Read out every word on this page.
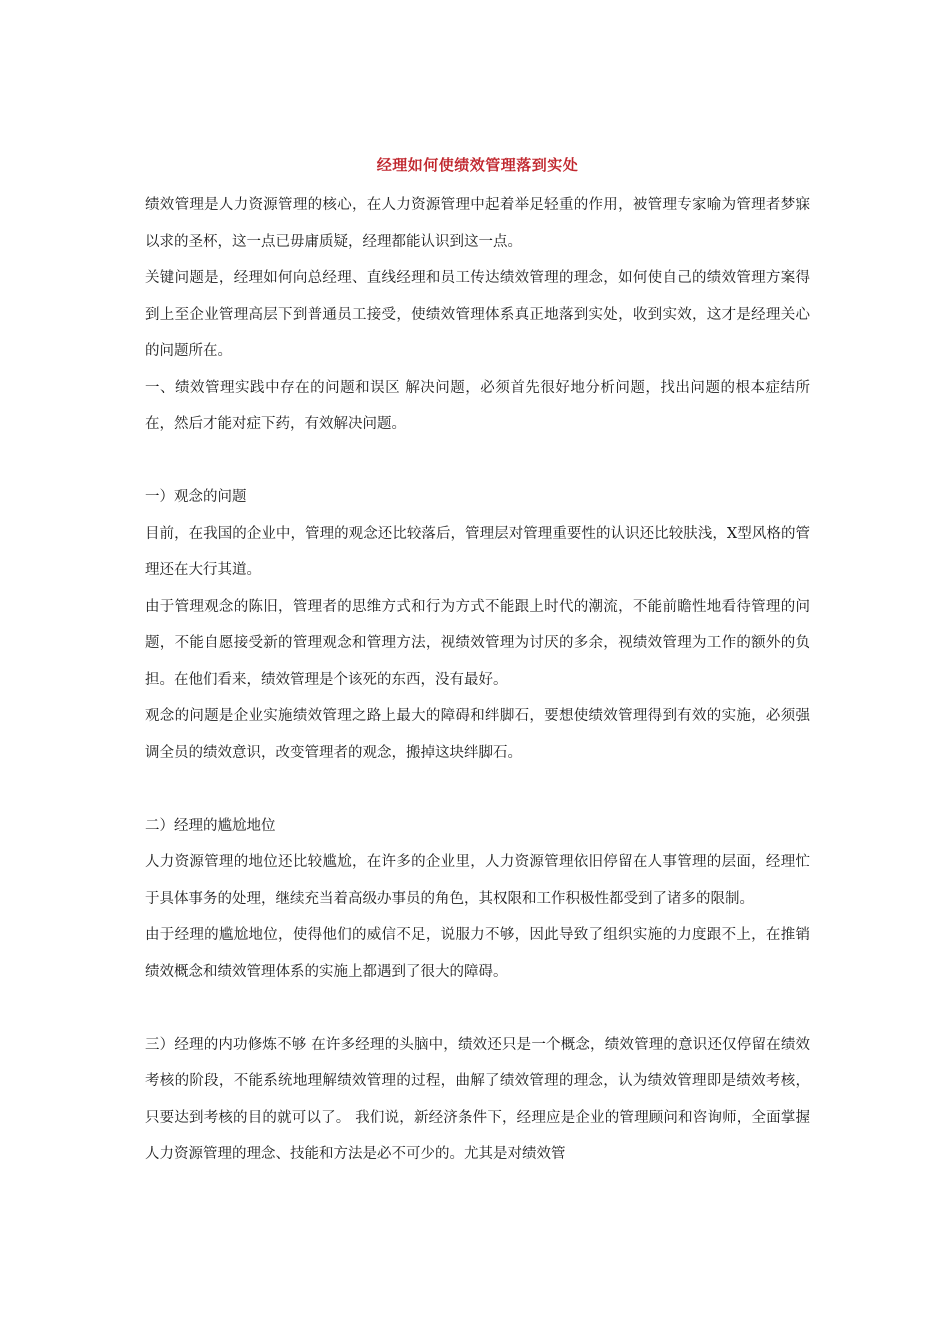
经理如何使绩效管理落到实处

绩效管理是人力资源管理的核心，在人力资源管理中起着举足轻重的作用，被管理专家喻为管理者梦寐以求的圣杯，这一点已毋庸质疑，经理都能认识到这一点。

关键问题是，经理如何向总经理、直线经理和员工传达绩效管理的理念，如何使自己的绩效管理方案得到上至企业管理高层下到普通员工接受，使绩效管理体系真正地落到实处，收到实效，这才是经理关心的问题所在。

一、绩效管理实践中存在的问题和误区 解决问题，必须首先很好地分析问题，找出问题的根本症结所在，然后才能对症下药，有效解决问题。

一）观念的问题

目前，在我国的企业中，管理的观念还比较落后，管理层对管理重要性的认识还比较肤浅，X型风格的管理还在大行其道。

由于管理观念的陈旧，管理者的思维方式和行为方式不能跟上时代的潮流，不能前瞻性地看待管理的问题，不能自愿接受新的管理观念和管理方法，视绩效管理为讨厌的多余，视绩效管理为工作的额外的负担。在他们看来，绩效管理是个该死的东西，没有最好。

观念的问题是企业实施绩效管理之路上最大的障碍和绊脚石，要想使绩效管理得到有效的实施，必须强调全员的绩效意识，改变管理者的观念，搬掉这块绊脚石。

二）经理的尴尬地位

人力资源管理的地位还比较尴尬，在许多的企业里，人力资源管理依旧停留在人事管理的层面，经理忙于具体事务的处理，继续充当着高级办事员的角色，其权限和工作积极性都受到了诸多的限制。

由于经理的尴尬地位，使得他们的威信不足，说服力不够，因此导致了组织实施的力度跟不上，在推销绩效概念和绩效管理体系的实施上都遇到了很大的障碍。

三）经理的内功修炼不够 在许多经理的头脑中，绩效还只是一个概念，绩效管理的意识还仅停留在绩效考核的阶段，不能系统地理解绩效管理的过程，曲解了绩效管理的理念，认为绩效管理即是绩效考核，只要达到考核的目的就可以了。 我们说，新经济条件下，经理应是企业的管理顾问和咨询师，全面掌握人力资源管理的理念、技能和方法是必不可少的。尤其是对绩效管
